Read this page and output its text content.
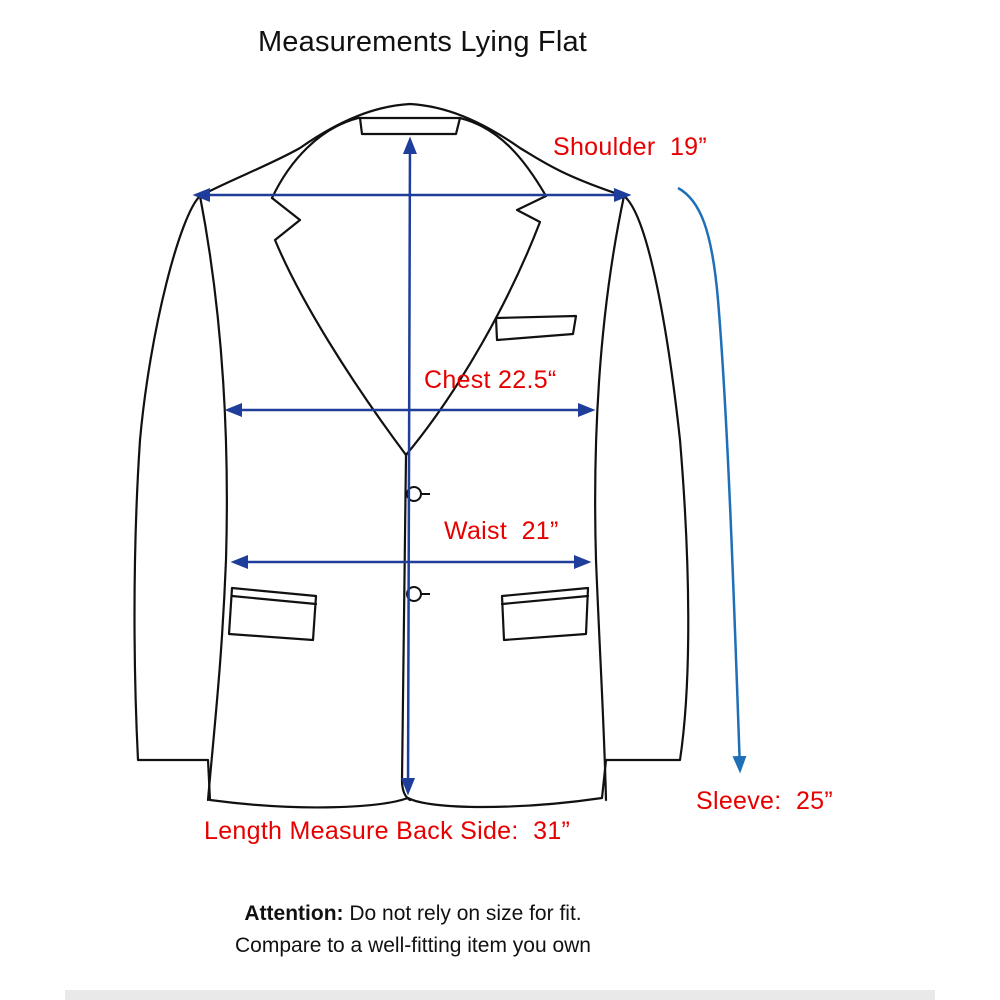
Measurements Lying Flat
Shoulder  19”
Chest 22.5“
Waist  21”
Sleeve:  25”
Length Measure Back Side:  31”
Attention: Do not rely on size for fit.
Compare to a well-fitting item you own
